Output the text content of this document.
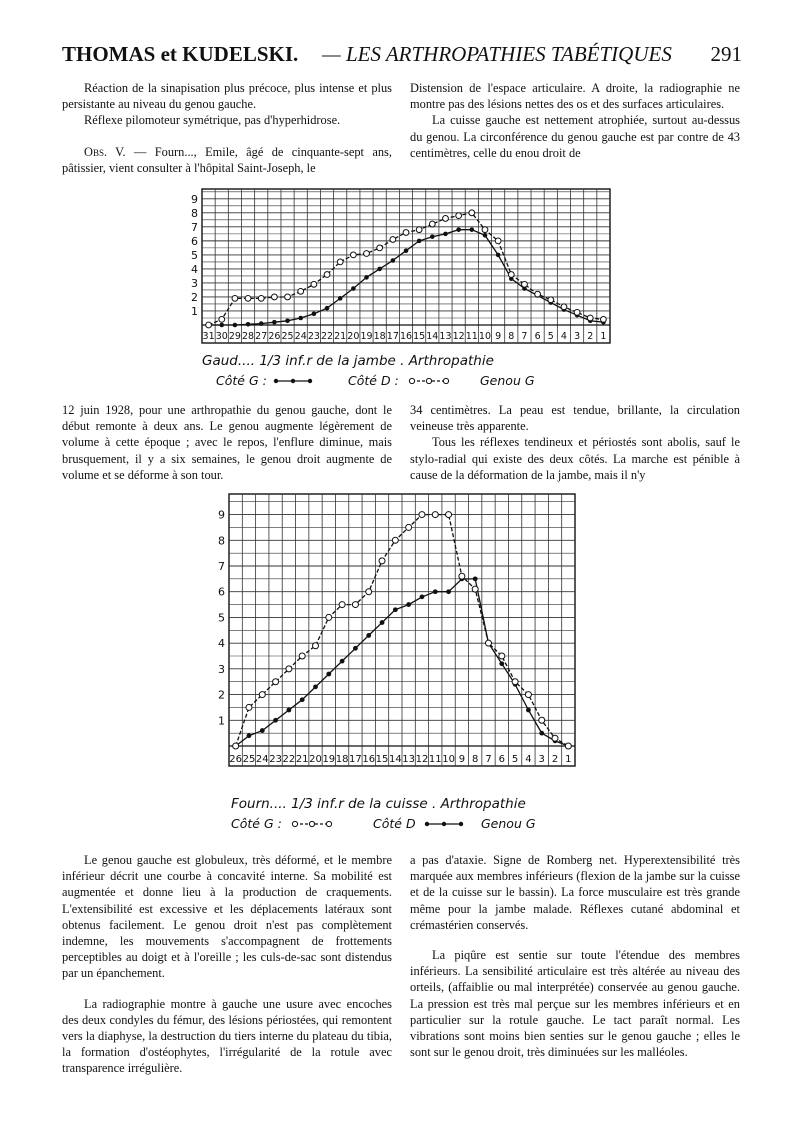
THOMAS et KUDELSKI. — LES ARTHROPATHIES TABÉTIQUES 291

Réaction de la sinapisation plus précoce, plus intense et plus persistante au niveau du genou gauche.

Réflexe pilomoteur symétrique, pas d'hyperhidrose.

Obs. V. — Fourn..., Emile, âgé de cinquante-sept ans, pâtissier, vient consulter à l'hôpital Saint-Joseph, le

Distension de l'espace articulaire. A droite, la radiographie ne montre pas des lésions nettes des os et des surfaces articulaires.

La cuisse gauche est nettement atrophiée, surtout au-dessus du genou. La circonférence du genou gauche est par contre de 43 centimètres, celle du enou droit de

1
2
3
4
5
6
7
8
9
31 30 29 28 27 26 25 24 23 22 21 20 19 18 17 16 15 14 13 12 11 10 9 8 7 6 5 4 3 2 1
Gaud.... 1/3 inf.r de la jambe . Arthropathie
Côté G :	Côté D :	Genou G

12 juin 1928, pour une arthropathie du genou gauche, dont le début remonte à deux ans. Le genou augmente légèrement de volume à cette époque ; avec le repos, l'enflure diminue, mais brusquement, il y a six semaines, le genou droit augmente de volume et se déforme à son tour.

34 centimètres. La peau est tendue, brillante, la circulation veineuse très apparente.

Tous les réflexes tendineux et périostés sont abolis, sauf le stylo-radial qui existe des deux côtés. La marche est pénible à cause de la déformation de la jambe, mais il n'y

1
2
3
4
5
6
7
8
9
26 25 24 23 22 21 20 19 18 17 16 15 14 13 12 11 10 9 8 7 6 5 4 3 2 1
Fourn.... 1/3 inf.r de la cuisse . Arthropathie
Côté G :	Côté D	Genou G

Le genou gauche est globuleux, très déformé, et le membre inférieur décrit une courbe à concavité interne. Sa mobilité est augmentée et donne lieu à la production de craquements. L'extensibilité est excessive et les déplacements latéraux sont obtenus facilement. Le genou droit n'est pas complètement indemne, les mouvements s'accompagnent de frottements perceptibles au doigt et à l'oreille ; les culs-de-sac sont distendus par un épanchement.

La radiographie montre à gauche une usure avec encoches des deux condyles du fémur, des lésions périostées, qui remontent vers la diaphyse, la destruction du tiers interne du plateau du tibia, la formation d'ostéophytes, l'irrégularité de la rotule avec transparence irrégulière.

a pas d'ataxie. Signe de Romberg net. Hyperextensibilité très marquée aux membres inférieurs (flexion de la jambe sur la cuisse et de la cuisse sur le bassin). La force musculaire est très grande même pour la jambe malade. Réflexes cutané abdominal et crémastérien conservés.

La piqûre est sentie sur toute l'étendue des membres inférieurs. La sensibilité articulaire est très altérée au niveau des orteils, (affaiblie ou mal interprétée) conservée au genou gauche. La pression est très mal perçue sur les membres inférieurs et en particulier sur la rotule gauche. Le tact paraît normal. Les vibrations sont moins bien senties sur le genou gauche ; elles le sont sur le genou droit, très diminuées sur les malléoles.
